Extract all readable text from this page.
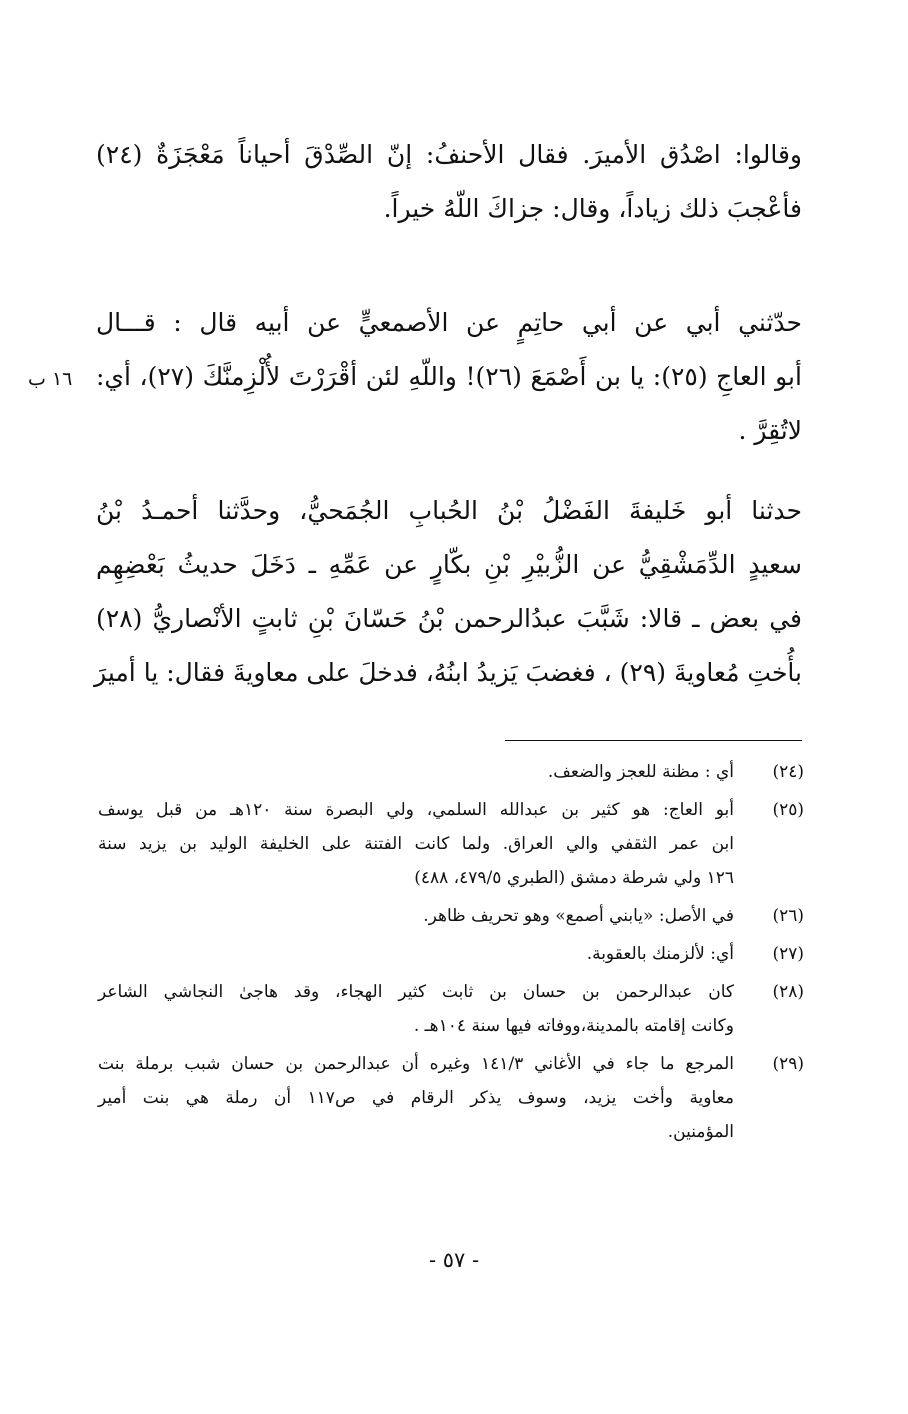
وقالوا: اصْدُق الأميرَ. فقال الأحنفُ: إنّ الصِّدْقَ أحياناً مَعْجَزَةٌ (٢٤)
فأعْجبَ ذلك زياداً، وقال: جزاكَ اللّهُ خيراً.
حدّثني أبي عن أبي حاتِمٍ عن الأصمعيٍّ عن أبيه قال : قـــال
أبو العاجِ (٢٥): يا بن أَصْمَعَ (٢٦)! واللّهِ لئن أقْرَرْتَ لأُلْزِمنَّكَ (٢٧)، أي:
لاتُقِرَّ .
١٦ ب
حدثنا أبو خَليفةَ الفَضْلُ بْنُ الحُبابِ الجُمَحيُّ، وحدَّثنا أحمـدُ بْنُ
سعيدٍ الدِّمَشْقِيُّ عن الزُّبيْرِ بْنِ بكّارٍ عن عَمِّهِ ـ دَخَلَ حديثُ بَعْضِهِم
في بعض ـ قالا: شَبَّبَ عبدُالرحمن بْنُ حَسّانَ بْنِ ثابتٍ الأنْصاريُّ (٢٨)
بأُختِ مُعاويةَ (٢٩) ، فغضبَ يَزيدُ ابنُهُ، فدخلَ على معاويةَ فقال: يا أميرَ
(٢٤)
أي : مظنة للعجز والضعف.
(٢٥)
أبو العاج: هو كثير بن عبدالله السلمي، ولي البصرة سنة ١٢٠هـ من قبل يوسف
ابن عمر الثقفي والي العراق. ولما كانت الفتنة على الخليفة الوليد بن يزيد سنة
١٢٦ ولي شرطة دمشق (الطبري ٤٧٩/٥، ٤٨٨)
(٢٦)
في الأصل: «يابني أصمع» وهو تحريف ظاهر.
(٢٧)
أي: لألزمنك بالعقوبة.
(٢٨)
كان عبدالرحمن بن حسان بن ثابت كثير الهجاء، وقد هاجىٰ النجاشي الشاعر
وكانت إقامته بالمدينة،ووفاته فيها سنة ١٠٤هـ .
(٢٩)
المرجع ما جاء في الأغاني ١٤١/٣ وغيره أن عبدالرحمن بن حسان شبب برملة بنت
معاوية وأخت يزيد، وسوف يذكر الرقام في ص١١٧ أن رملة هي بنت أمير
المؤمنين.
- ٥٧ -
